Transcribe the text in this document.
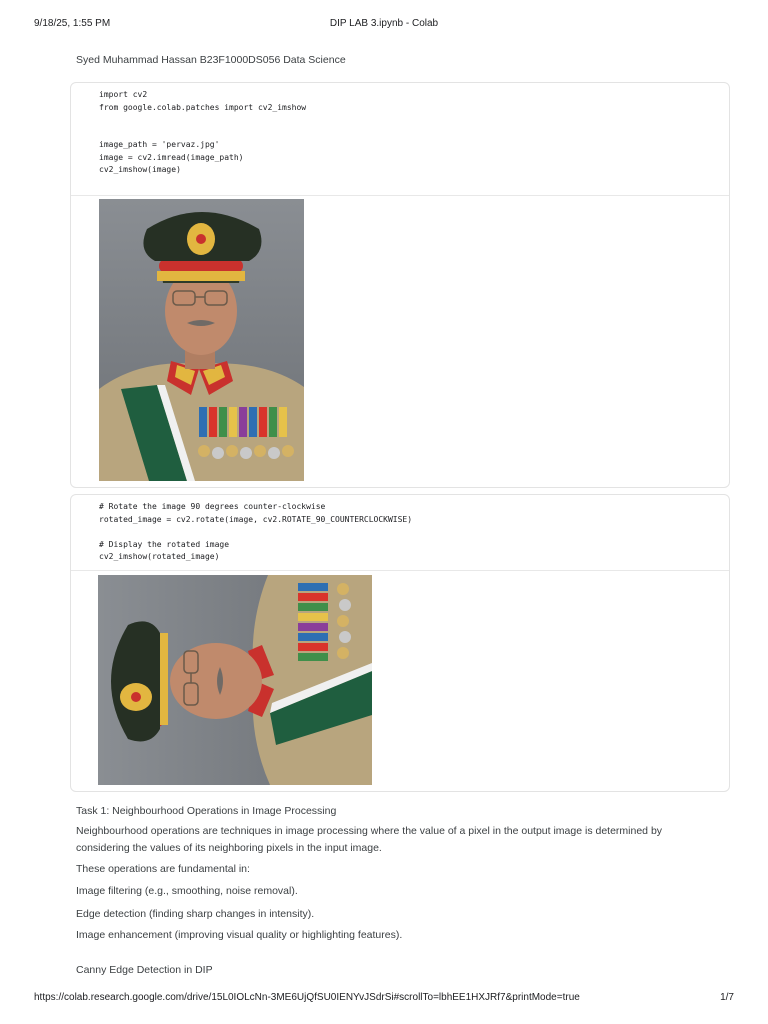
9/18/25, 1:55 PM	DIP LAB 3.ipynb - Colab
Syed Muhammad Hassan B23F1000DS056 Data Science
import cv2
from google.colab.patches import cv2_imshow

image_path = 'pervaz.jpg'
image = cv2.imread(image_path)
cv2_imshow(image)
# Rotate the image 90 degrees counter-clockwise
rotated_image = cv2.rotate(image, cv2.ROTATE_90_COUNTERCLOCKWISE)

# Display the rotated image
cv2_imshow(rotated_image)
Task 1: Neighbourhood Operations in Image Processing
Neighbourhood operations are techniques in image processing where the value of a pixel in the output image is determined by considering the values of its neighboring pixels in the input image.
These operations are fundamental in:
Image filtering (e.g., smoothing, noise removal).
Edge detection (finding sharp changes in intensity).
Image enhancement (improving visual quality or highlighting features).
Canny Edge Detection in DIP
https://colab.research.google.com/drive/15L0IOLcNn-3ME6UjQfSU0IENYvJSdrSi#scrollTo=lbhEE1HXJRf7&printMode=true	1/7
